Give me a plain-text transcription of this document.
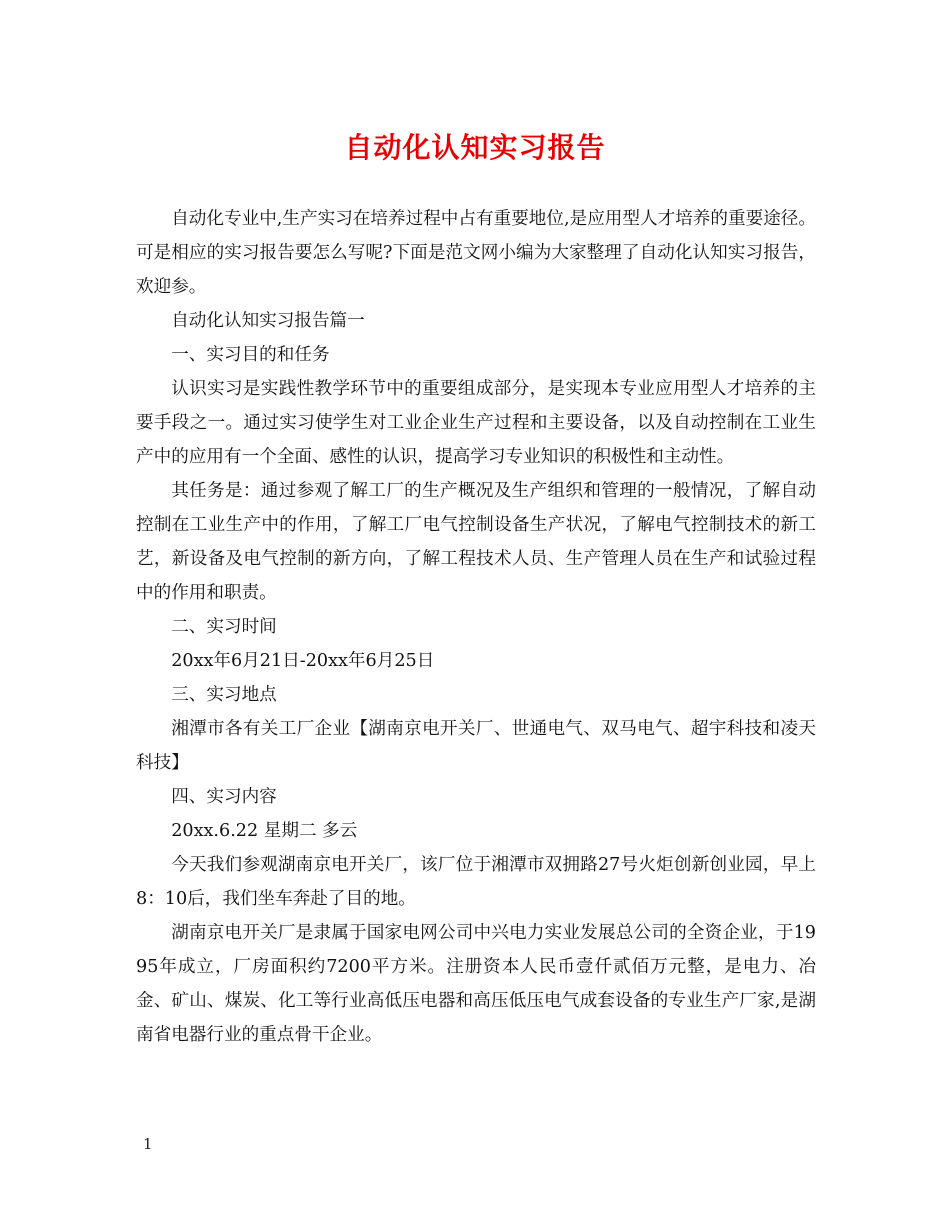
自动化认知实习报告

自动化专业中,生产实习在培养过程中占有重要地位,是应用型人才培养的重要途径。可是相应的实习报告要怎么写呢?下面是范文网小编为大家整理了自动化认知实习报告，欢迎参。

自动化认知实习报告篇一

一、实习目的和任务

认识实习是实践性教学环节中的重要组成部分，是实现本专业应用型人才培养的主要手段之一。通过实习使学生对工业企业生产过程和主要设备，以及自动控制在工业生产中的应用有一个全面、感性的认识，提高学习专业知识的积极性和主动性。

其任务是：通过参观了解工厂的生产概况及生产组织和管理的一般情况，了解自动控制在工业生产中的作用，了解工厂电气控制设备生产状况，了解电气控制技术的新工艺，新设备及电气控制的新方向，了解工程技术人员、生产管理人员在生产和试验过程中的作用和职责。

二、实习时间

20xx年6月21日-20xx年6月25日

三、实习地点

湘潭市各有关工厂企业【湖南京电开关厂、世通电气、双马电气、超宇科技和凌天科技】

四、实习内容

20xx.6.22 星期二 多云

今天我们参观湖南京电开关厂，该厂位于湘潭市双拥路27号火炬创新创业园，早上8：10后，我们坐车奔赴了目的地。

湖南京电开关厂是隶属于国家电网公司中兴电力实业发展总公司的全资企业，于1995年成立，厂房面积约7200平方米。注册资本人民币壹仟贰佰万元整，是电力、冶金、矿山、煤炭、化工等行业高低压电器和高压低压电气成套设备的专业生产厂家,是湖南省电器行业的重点骨干企业。

1
